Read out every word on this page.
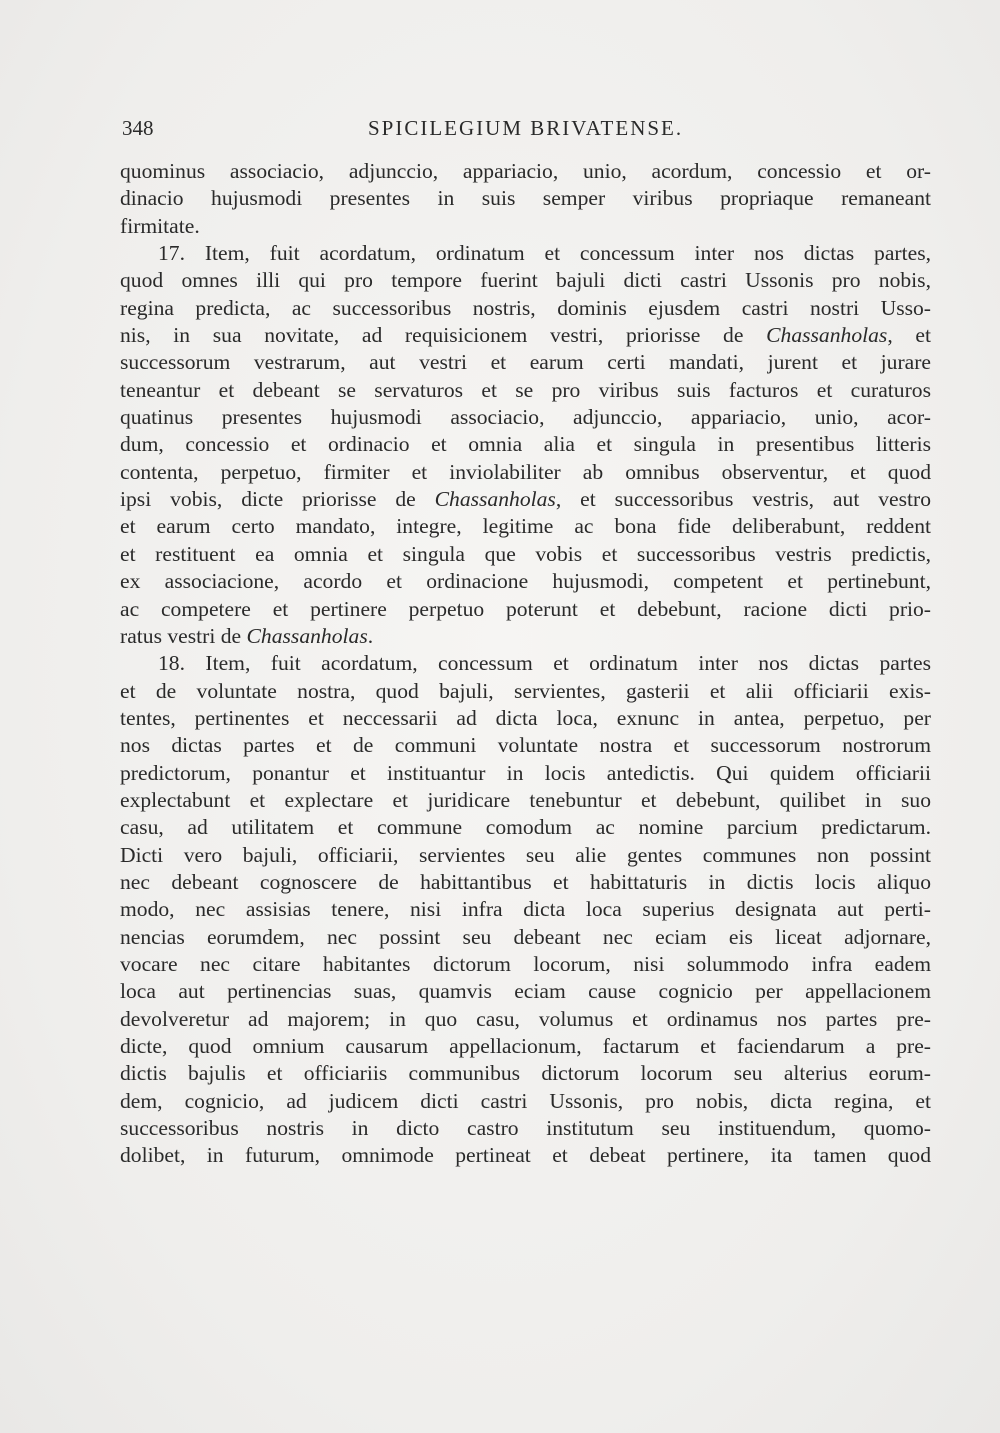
348	SPICILEGIUM BRIVATENSE.
quominus associacio, adjunccio, appariacio, unio, acordum, concessio et or-
dinacio hujusmodi presentes in suis semper viribus propriaque remaneant
firmitate.
17. Item, fuit acordatum, ordinatum et concessum inter nos dictas partes,
quod omnes illi qui pro tempore fuerint bajuli dicti castri Ussonis pro nobis,
regina predicta, ac successoribus nostris, dominis ejusdem castri nostri Usso-
nis, in sua novitate, ad requisicionem vestri, priorisse de Chassanholas, et
successorum vestrarum, aut vestri et earum certi mandati, jurent et jurare
teneantur et debeant se servaturos et se pro viribus suis facturos et curaturos
quatinus presentes hujusmodi associacio, adjunccio, appariacio, unio, acor-
dum, concessio et ordinacio et omnia alia et singula in presentibus litteris
contenta, perpetuo, firmiter et inviolabiliter ab omnibus observentur, et quod
ipsi vobis, dicte priorisse de Chassanholas, et successoribus vestris, aut vestro
et earum certo mandato, integre, legitime ac bona fide deliberabunt, reddent
et restituent ea omnia et singula que vobis et successoribus vestris predictis,
ex associacione, acordo et ordinacione hujusmodi, competent et pertinebunt,
ac competere et pertinere perpetuo poterunt et debebunt, racione dicti prio-
ratus vestri de Chassanholas.
18. Item, fuit acordatum, concessum et ordinatum inter nos dictas partes
et de voluntate nostra, quod bajuli, servientes, gasterii et alii officiarii exis-
tentes, pertinentes et neccessarii ad dicta loca, exnunc in antea, perpetuo, per
nos dictas partes et de communi voluntate nostra et successorum nostrorum
predictorum, ponantur et instituantur in locis antedictis. Qui quidem officiarii
explectabunt et explectare et juridicare tenebuntur et debebunt, quilibet in suo
casu, ad utilitatem et commune comodum ac nomine parcium predictarum.
Dicti vero bajuli, officiarii, servientes seu alie gentes communes non possint
nec debeant cognoscere de habittantibus et habittaturis in dictis locis aliquo
modo, nec assisias tenere, nisi infra dicta loca superius designata aut perti-
nencias eorumdem, nec possint seu debeant nec eciam eis liceat adjornare,
vocare nec citare habitantes dictorum locorum, nisi solummodo infra eadem
loca aut pertinencias suas, quamvis eciam cause cognicio per appellacionem
devolveretur ad majorem; in quo casu, volumus et ordinamus nos partes pre-
dicte, quod omnium causarum appellacionum, factarum et faciendarum a pre-
dictis bajulis et officiariis communibus dictorum locorum seu alterius eorum-
dem, cognicio, ad judicem dicti castri Ussonis, pro nobis, dicta regina, et
successoribus nostris in dicto castro institutum seu instituendum, quomo-
dolibet, in futurum, omnimode pertineat et debeat pertinere, ita tamen quod
